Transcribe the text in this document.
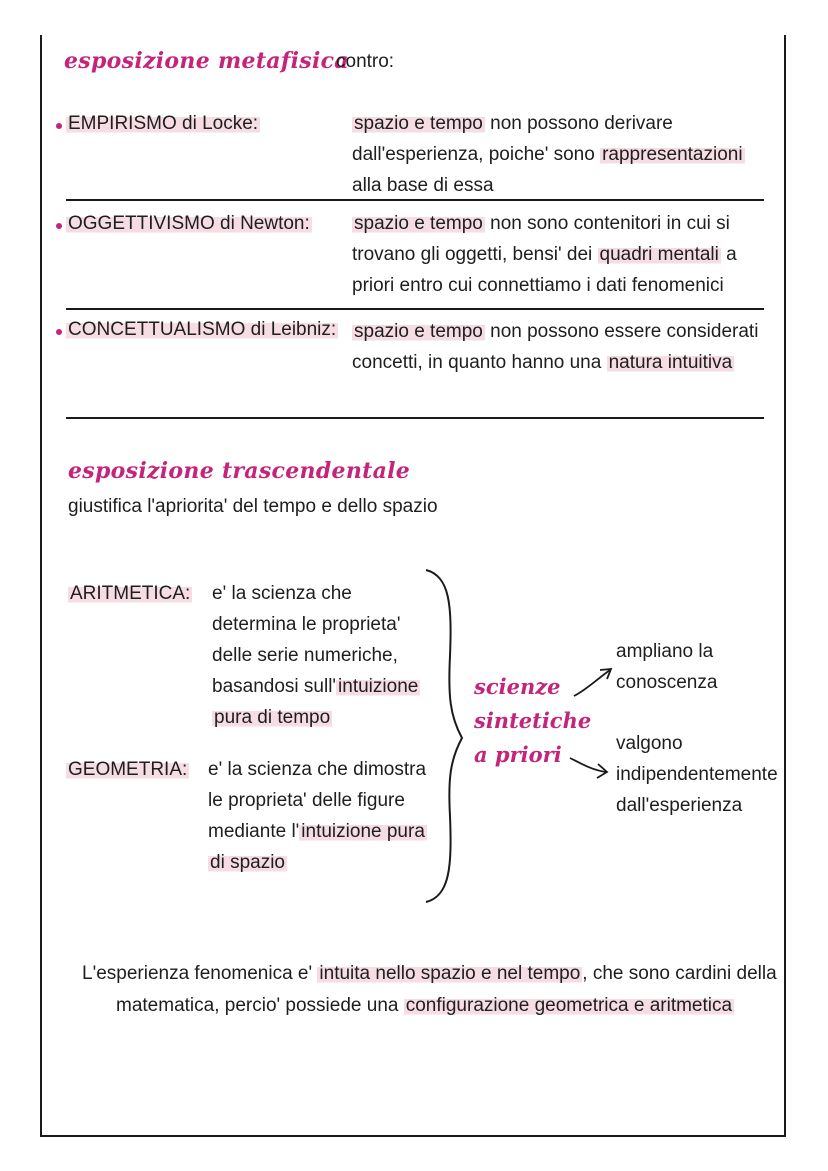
esposizione metafisica
contro:
EMPIRISMO di Locke:	spazio e tempo non possono derivare
dall'esperienza, poiche' sono rappresentazioni
alla base di essa
OGGETTIVISMO di Newton: spazio e tempo non sono contenitori in cui si
trovano gli oggetti, bensi' dei quadri mentali a
priori entro cui connettiamo i dati fenomenici
CONCETTUALISMO di Leibniz: spazio e tempo non possono essere considerati
concetti, in quanto hanno una natura intuitiva
esposizione trascendentale
giustifica l'apriorita' del tempo e dello spazio
ARITMETICA: e' la scienza che
determina le proprieta'
delle serie numeriche,
basandosi sull' intuizione
pura di tempo
GEOMETRIA: e' la scienza che dimostra
le proprieta' delle figure
mediante l' intuizione pura
di spazio
scienze
sintetiche
a priori
ampliano la
conoscenza
valgono
indipendentemente
dall'esperienza
L'esperienza fenomenica e' intuita nello spazio e nel tempo , che sono cardini della
matematica, percio' possiede una configurazione geometrica e aritmetica
